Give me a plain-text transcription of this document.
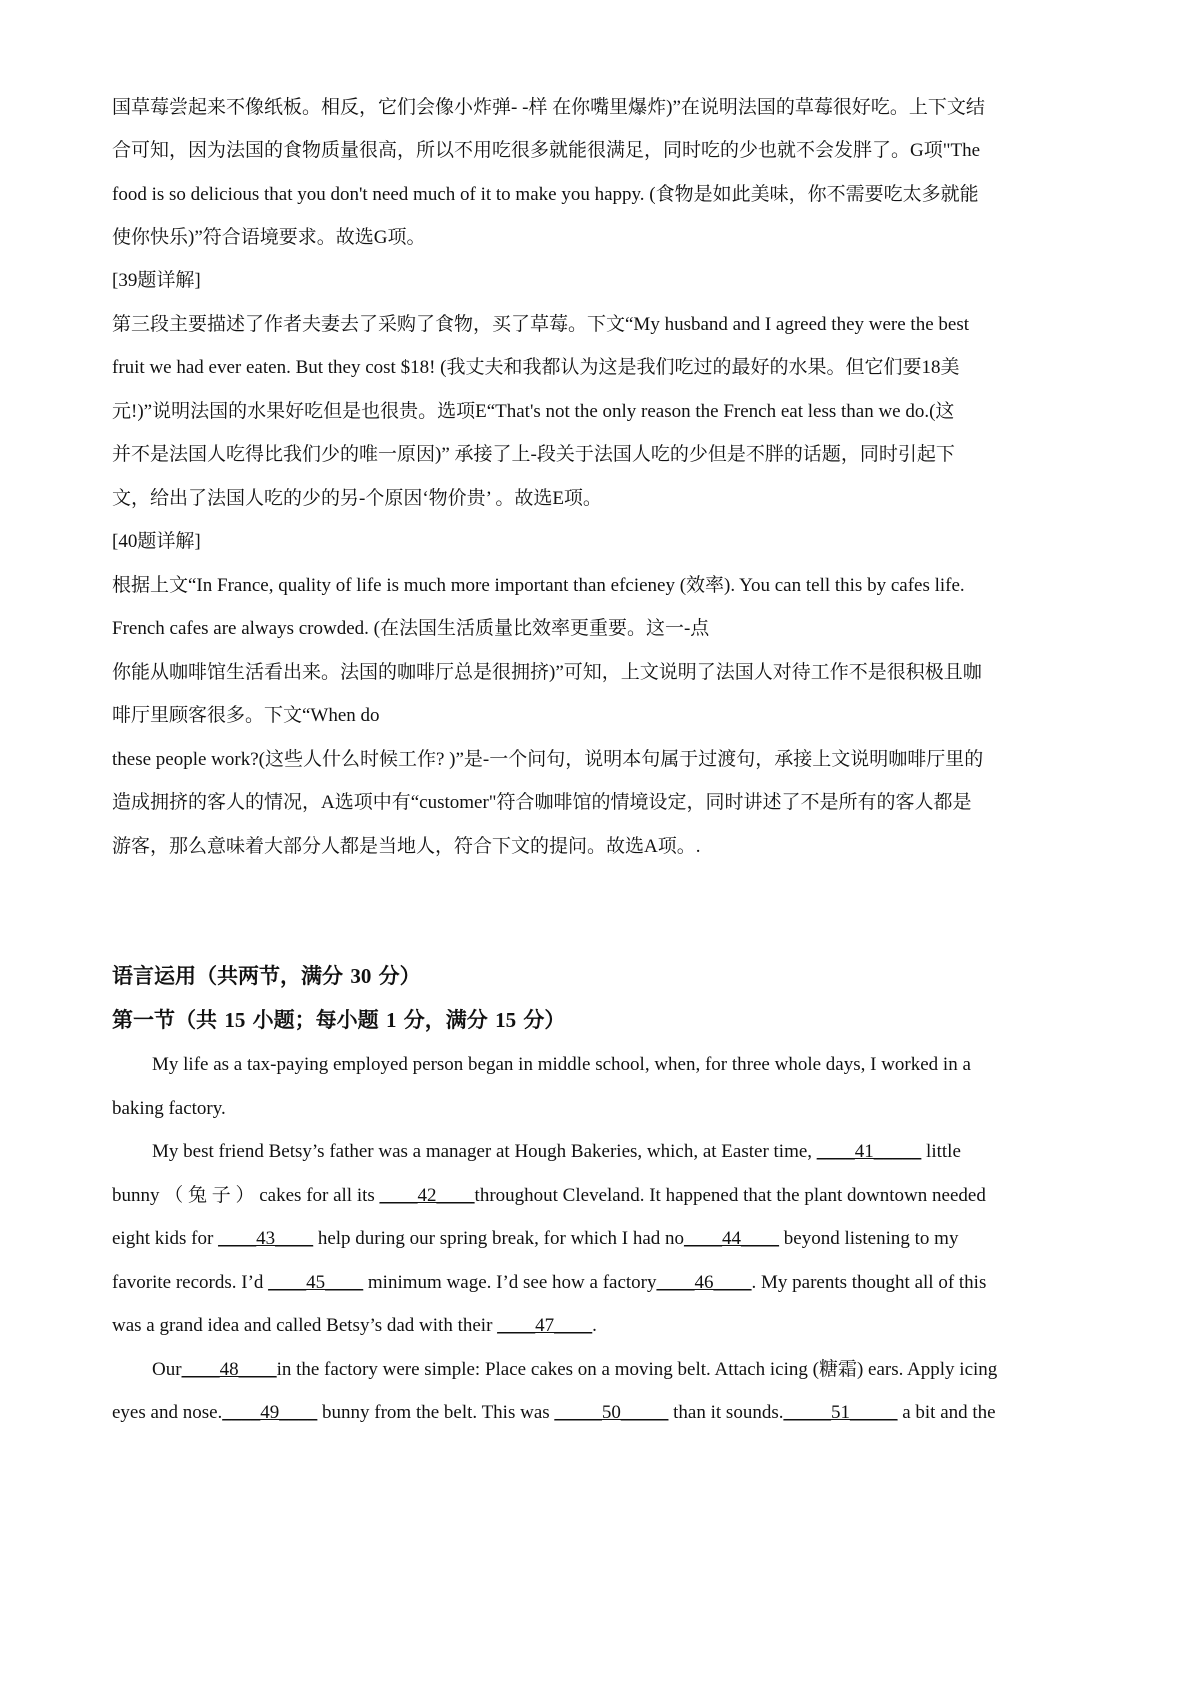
国草莓尝起来不像纸板。相反，它们会像小炸弹- -样 在你嘴里爆炸)”在说明法国的草莓很好吃。上下文结
合可知，因为法国的食物质量很高，所以不用吃很多就能很满足，同时吃的少也就不会发胖了。G项"The
food is so delicious that you don't need much of it to make you happy. (食物是如此美味，你不需要吃太多就能
使你快乐)”符合语境要求。故选G项。
[39题详解]
第三段主要描述了作者夫妻去了采购了食物，买了草莓。下文“My husband and I agreed they were the best
fruit we had ever eaten. But they cost $18! (我丈夫和我都认为这是我们吃过的最好的水果。但它们要18美
元!)”说明法国的水果好吃但是也很贵。选项E“That's not the only reason the French eat less than we do.(这
并不是法国人吃得比我们少的唯一原因)” 承接了上-段关于法国人吃的少但是不胖的话题，同时引起下
文，给出了法国人吃的少的另-个原因‘物价贵’ 。故选E项。
[40题详解]
根据上文“In France, quality of life is much more important than efcieney (效率). You can tell this by cafes life.
French cafes are always crowded. (在法国生活质量比效率更重要。这一-点
你能从咖啡馆生活看出来。法国的咖啡厅总是很拥挤)”可知，上文说明了法国人对待工作不是很积极且咖
啡厅里顾客很多。下文“When do
these people work?(这些人什么时候工作? )”是-一个问句，说明本句属于过渡句，承接上文说明咖啡厅里的
造成拥挤的客人的情况，A选项中有“customer"符合咖啡馆的情境设定，同时讲述了不是所有的客人都是
游客，那么意味着大部分人都是当地人，符合下文的提问。故选A项。.
语言运用（共两节，满分 30 分）
第一节（共 15 小题；每小题 1 分，满分 15 分）
My life as a tax-paying employed person began in middle school, when, for three whole days, I worked in a
baking factory.
My best friend Betsy’s father was a manager at Hough Bakeries, which, at Easter time, ____41_____ little
bunny （ 兔 子 ） cakes for all its ____42____throughout Cleveland. It happened that the plant downtown needed
eight kids for ____43____ help during our spring break, for which I had no____44____ beyond listening to my
favorite records. I’d ____45____ minimum wage. I’d see how a factory____46____. My parents thought all of this
was a grand idea and called Betsy’s dad with their ____47____.
Our____48____in the factory were simple: Place cakes on a moving belt. Attach icing (糖霜) ears. Apply icing
eyes and nose.____49____ bunny from the belt. This was _____50_____ than it sounds._____51_____ a bit and the
